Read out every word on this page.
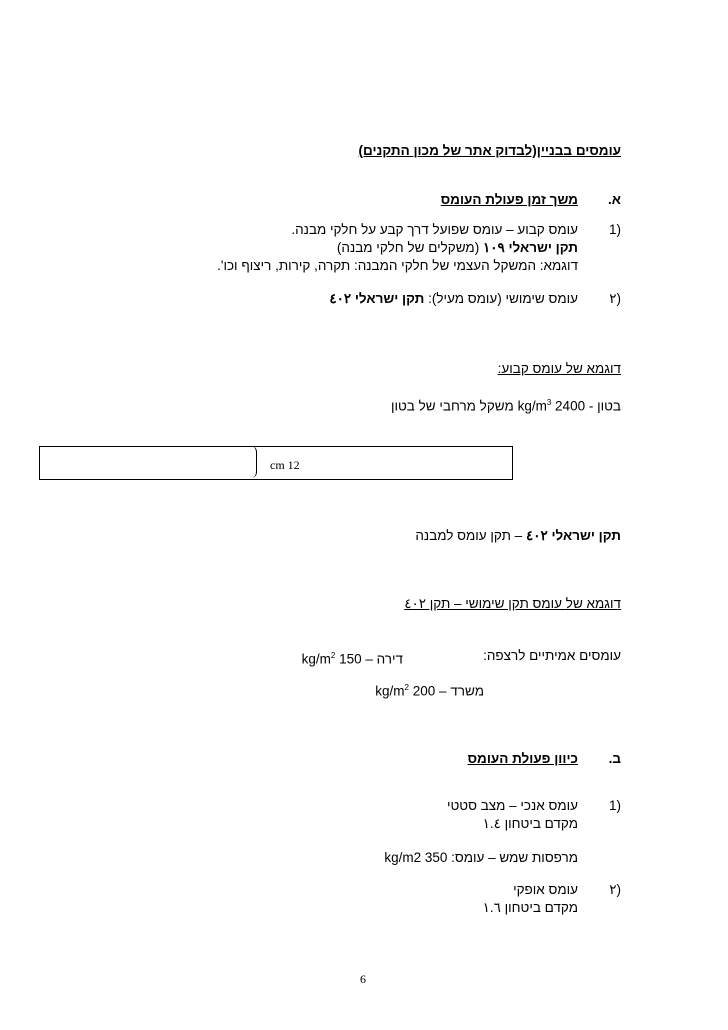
עומסים בבניין(לבדוק אתר של מכון התקנים)
א.
משך זמן פעולת העומס
(1
עומס קבוע – עומס שפועל דרך קבע על חלקי מבנה.
תקן ישראלי ١٠٩ (משקלים של חלקי מבנה)
דוגמא: המשקל העצמי של חלקי המבנה: תקרה, קירות, ריצוף וכו'.
(٢
עומס שימושי (עומס מעיל): תקן ישראלי ٤٠٢
דוגמא של עומס קבוע:
בטון - $kg/m^3$ 2400 משקל מרחבי של בטון
cm 12
תקן ישראלי ٤٠٢ – תקן עומס למבנה
דוגמא של עומס תקן שימושי – תקן ٤٠٢
עומסים אמיתיים לרצפה:
דירה – $kg/m^2$ 150
משרד – $kg/m^2$ 200
ב.
כיוון פעולת העומס
(1
עומס אנכי – מצב סטטי
מקדם ביטחון ١.٤
מרפסות שמש – עומס: 350 kg/m2
(٢
עומס אופקי
מקדם ביטחון ١.٦
6
